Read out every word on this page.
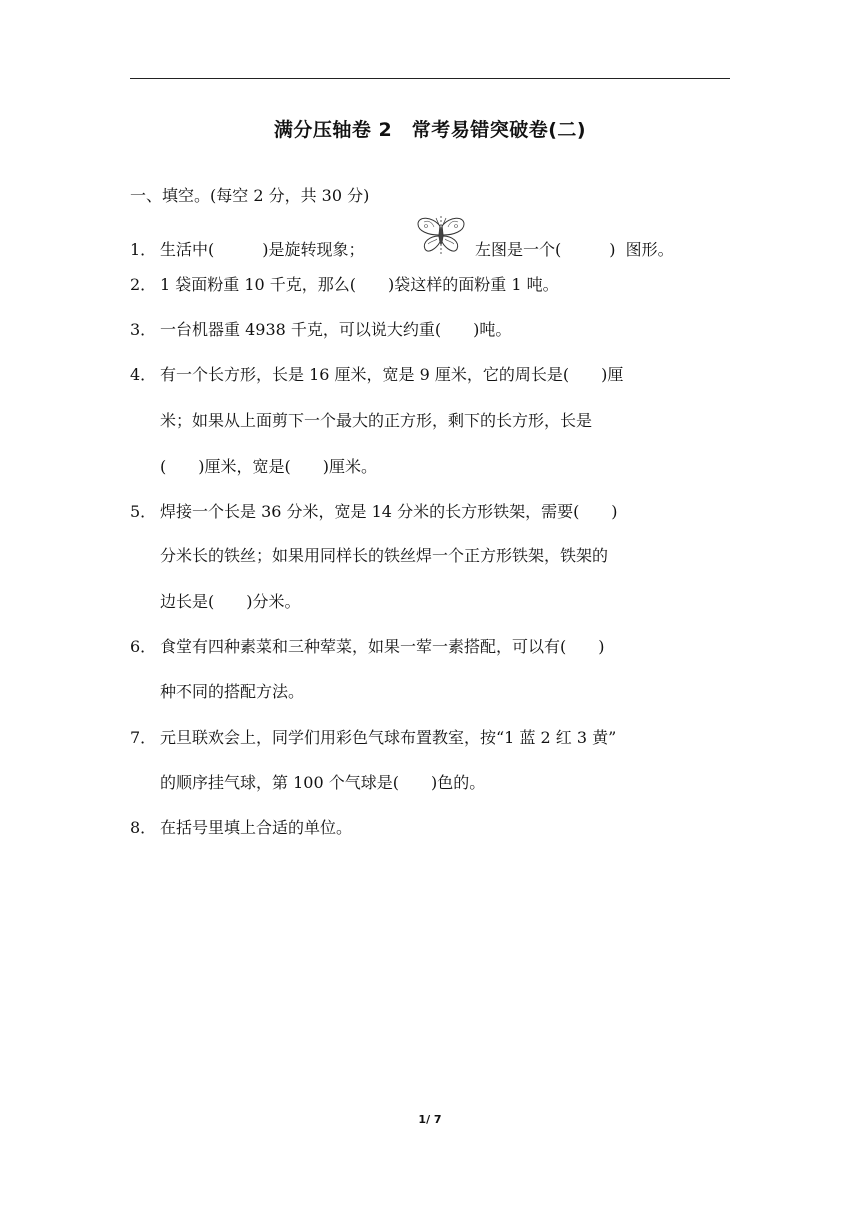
满分压轴卷 2　常考易错突破卷(二)
一、填空。(每空 2 分，共 30 分)
1． 生活中(　　　)是旋转现象；	左图是一个(　　　)  图形。
2． 1 袋面粉重 10 千克，那么(　　)袋这样的面粉重 1 吨。
3． 一台机器重 4938 千克，可以说大约重(　　)吨。
4． 有一个长方形，长是 16 厘米，宽是 9 厘米，它的周长是(　　)厘
米；如果从上面剪下一个最大的正方形，剩下的长方形，长是
(　　)厘米，宽是(　　)厘米。
5． 焊接一个长是 36 分米，宽是 14 分米的长方形铁架，需要(　　)
分米长的铁丝；如果用同样长的铁丝焊一个正方形铁架，铁架的
边长是(　　)分米。
6． 食堂有四种素菜和三种荤菜，如果一荤一素搭配，可以有(　　)
种不同的搭配方法。
7． 元旦联欢会上，同学们用彩色气球布置教室，按“1 蓝 2 红 3 黄”
的顺序挂气球，第 100 个气球是(　　)色的。
8． 在括号里填上合适的单位。
1/ 7
